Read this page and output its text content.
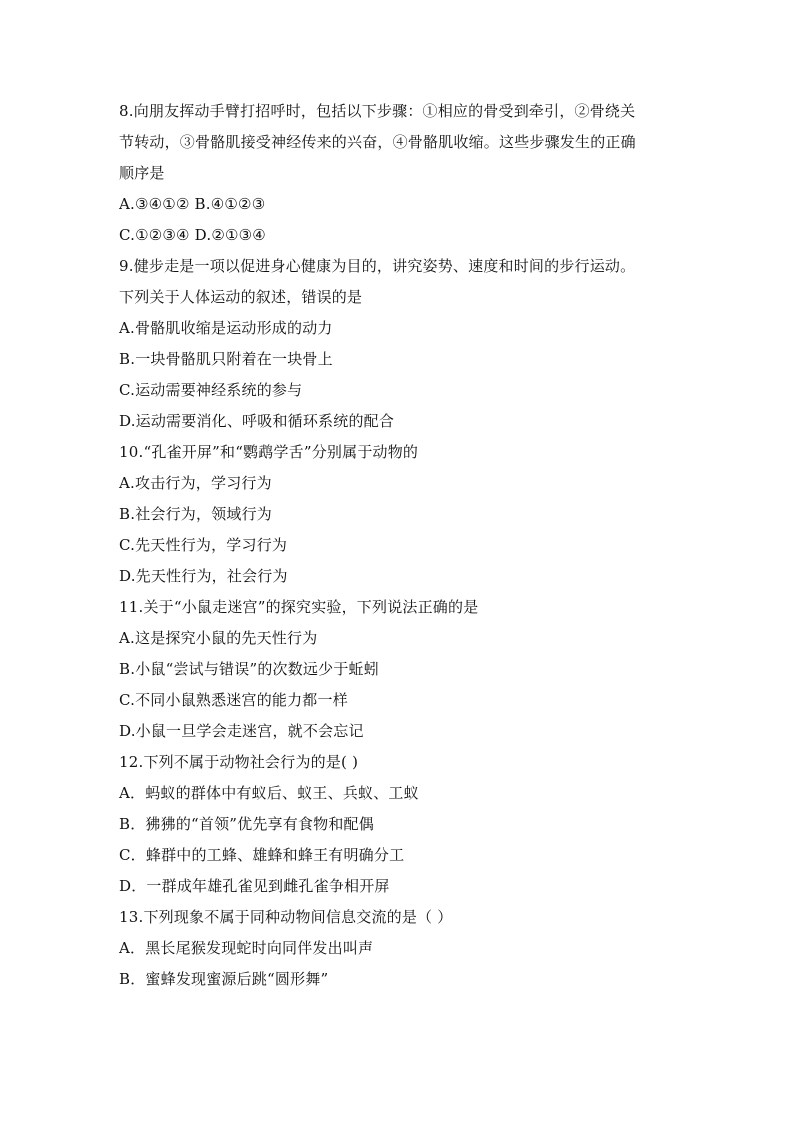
8.向朋友挥动手臂打招呼时，包括以下步骤：①相应的骨受到牵引，②骨绕关
节转动，③骨骼肌接受神经传来的兴奋，④骨骼肌收缩。这些步骤发生的正确
顺序是
A.③④①② B.④①②③
C.①②③④ D.②①③④
9.健步走是一项以促进身心健康为目的，讲究姿势、速度和时间的步行运动。
下列关于人体运动的叙述，错误的是
A.骨骼肌收缩是运动形成的动力
B.一块骨骼肌只附着在一块骨上
C.运动需要神经系统的参与
D.运动需要消化、呼吸和循环系统的配合
10.“孔雀开屏”和“鹦鹉学舌”分别属于动物的
A.攻击行为，学习行为
B.社会行为，领域行为
C.先天性行为，学习行为
D.先天性行为，社会行为
11.关于“小鼠走迷宫”的探究实验，下列说法正确的是
A.这是探究小鼠的先天性行为
B.小鼠“尝试与错误”的次数远少于蚯蚓
C.不同小鼠熟悉迷宫的能力都一样
D.小鼠一旦学会走迷宫，就不会忘记
12.下列不属于动物社会行为的是( )
A．蚂蚁的群体中有蚁后、蚁王、兵蚁、工蚁
B．狒狒的“首领”优先享有食物和配偶
C．蜂群中的工蜂、雄蜂和蜂王有明确分工
D．一群成年雄孔雀见到雌孔雀争相开屏
13.下列现象不属于同种动物间信息交流的是（ ）
A．黑长尾猴发现蛇时向同伴发出叫声
B．蜜蜂发现蜜源后跳“圆形舞”
